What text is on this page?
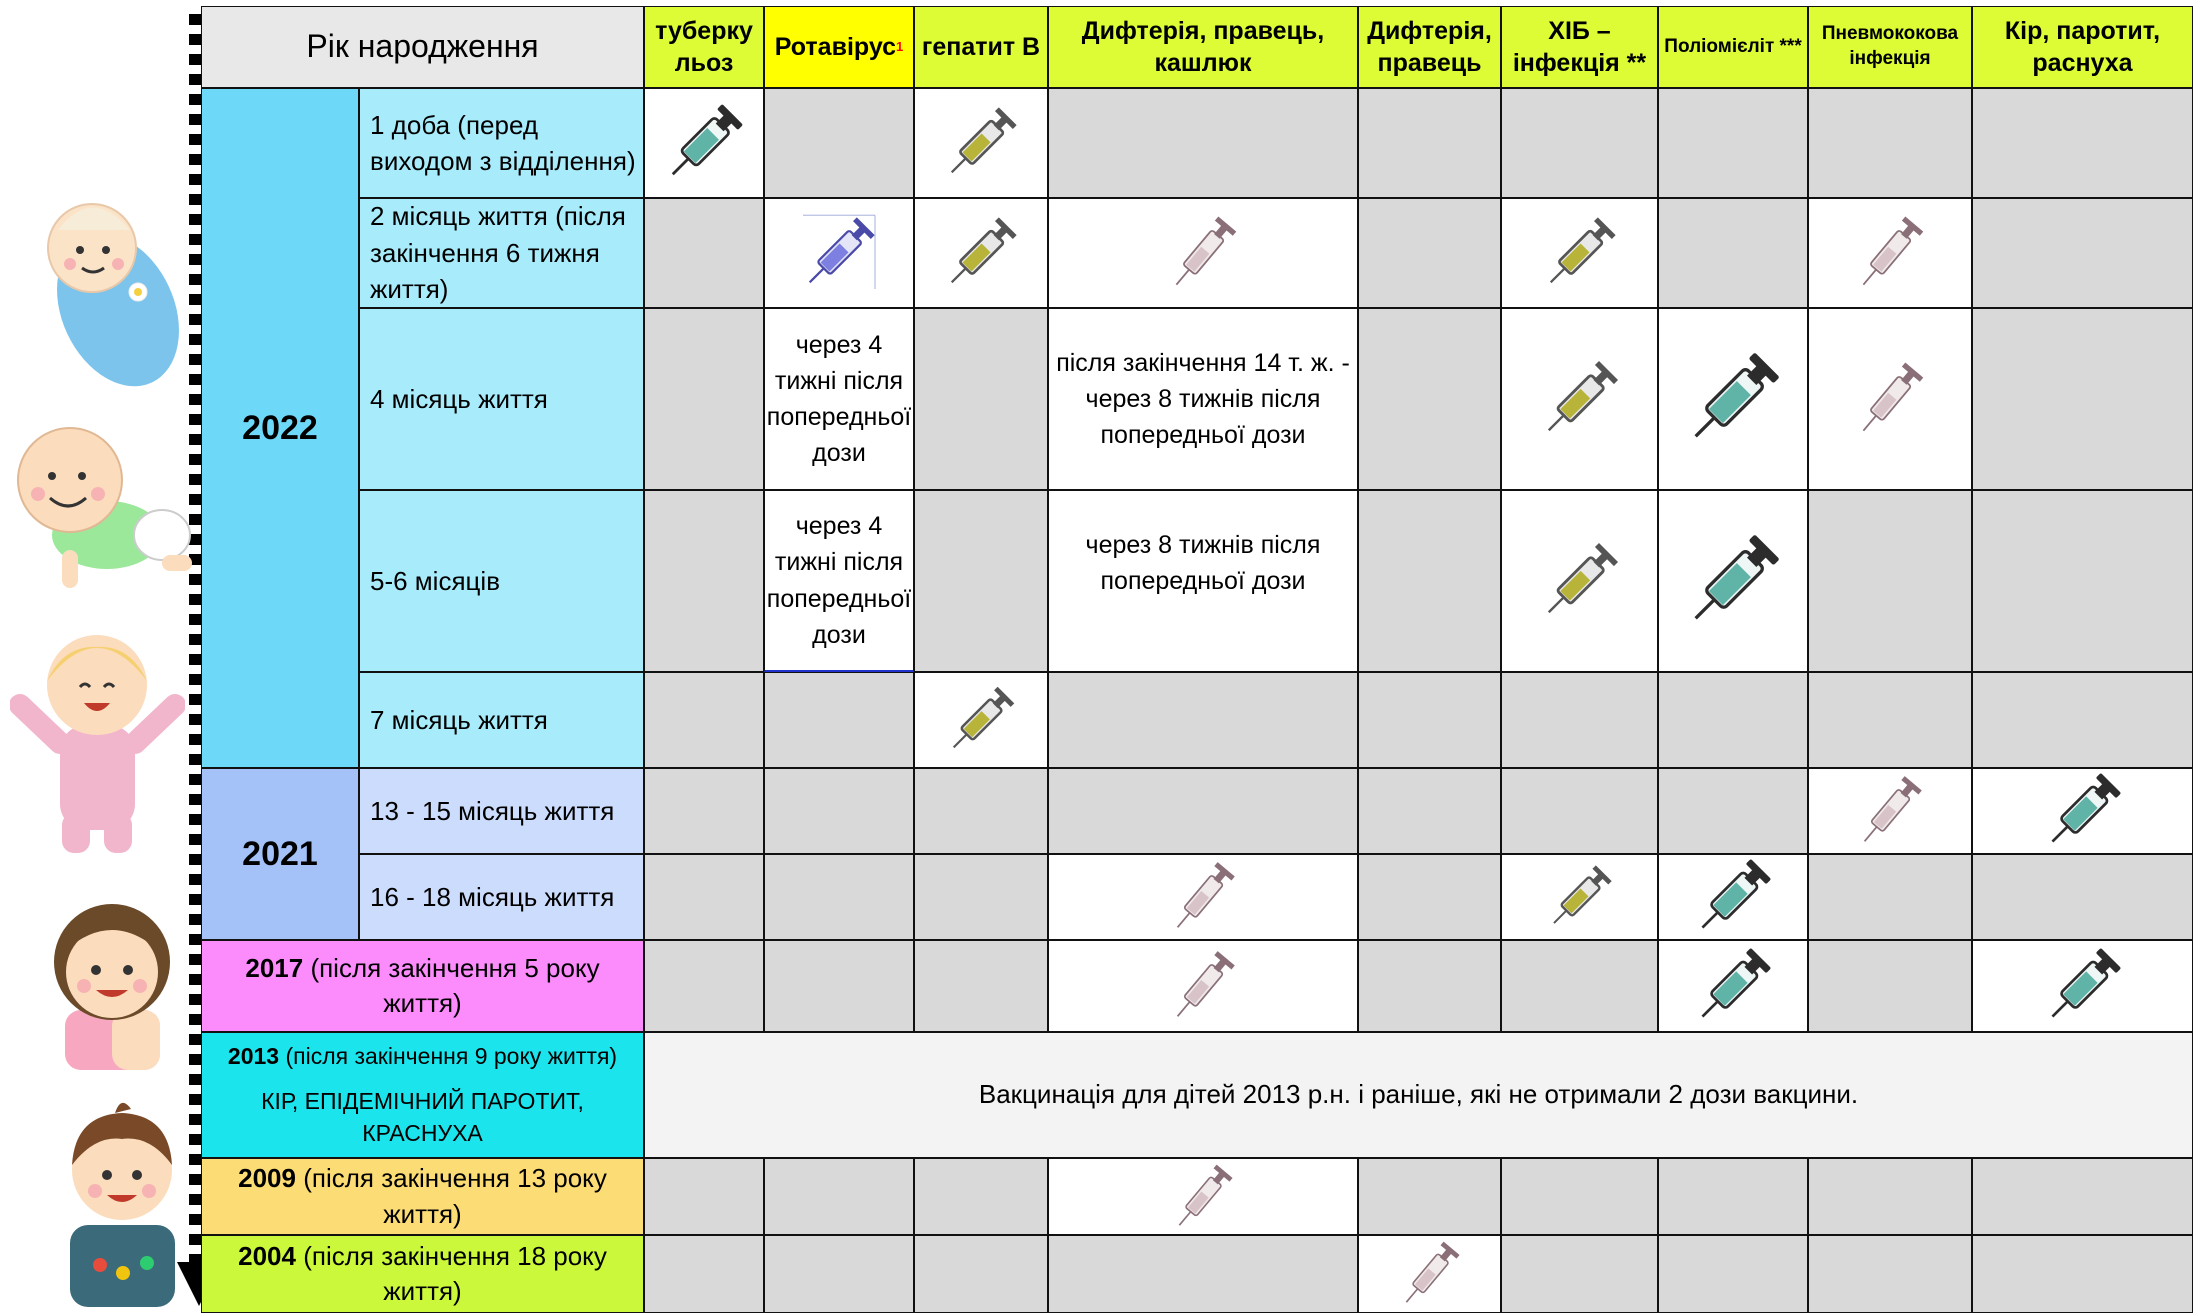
Рік народження	туберку льоз
Ротавірус 1 гепатит В
Дифтерія, правець, кашлюк
Дифтерія, правець
ХІБ – інфекція **
Поліомієліт ***
Пневмококова інфекція
Кір, паротит, раснуха
2022
1 доба (перед виходом з відділення)
2 місяць життя (після закінчення 6 тижня життя)
4 місяць життя
5-6 місяців
7 місяць життя
через 4 тижні після попередньої дози
після закінчення 14 т. ж. - через 8 тижнів після попередньої дози
через 4 тижні після попередньої дози
через 8 тижнів після попередньої дози
2021
13 - 15 місяць життя
16 - 18 місяць життя
2017 (після закінчення 5 року життя)
2013 (після закінчення 9 року життя)
КІР, ЕПІДЕМІЧНИЙ ПАРОТИТ, КРАСНУХА
Вакцинація для дітей 2013 р.н. і раніше, які не отримали 2 дози вакцини.
2009 (після закінчення 13 року життя)
2004 (після закінчення 18 року життя)
